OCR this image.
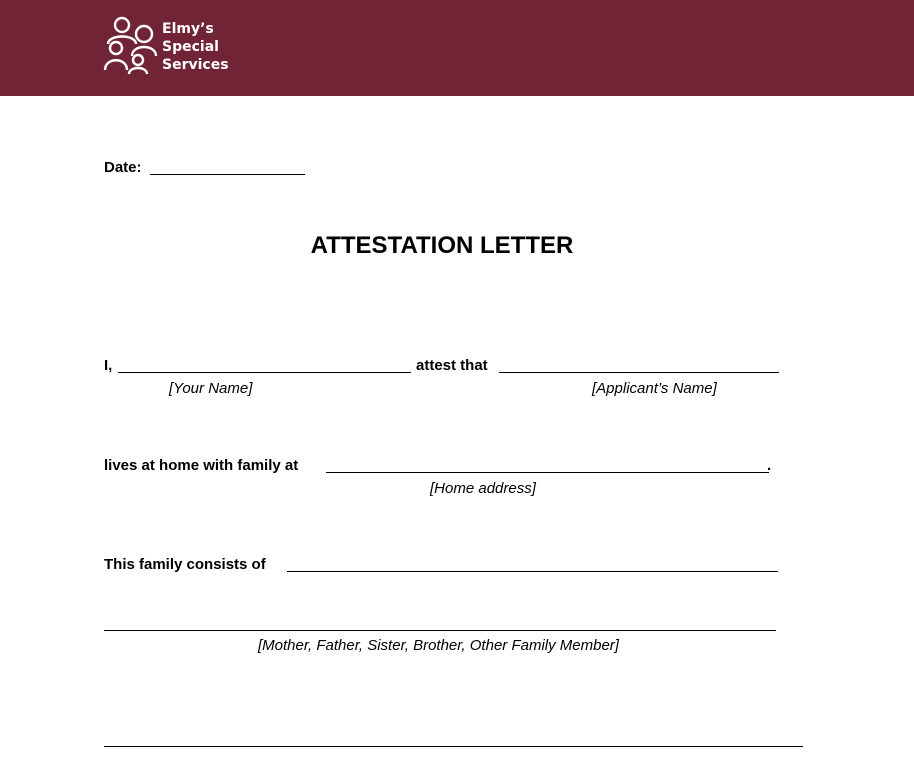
Elmy’s
Special
Services
Date:
ATTESTATION LETTER
I,	attest that
[Your Name]	[Applicant’s Name]
lives at home with family at	.
[Home address]
This family consists of
[Mother, Father, Sister, Brother, Other Family Member]
